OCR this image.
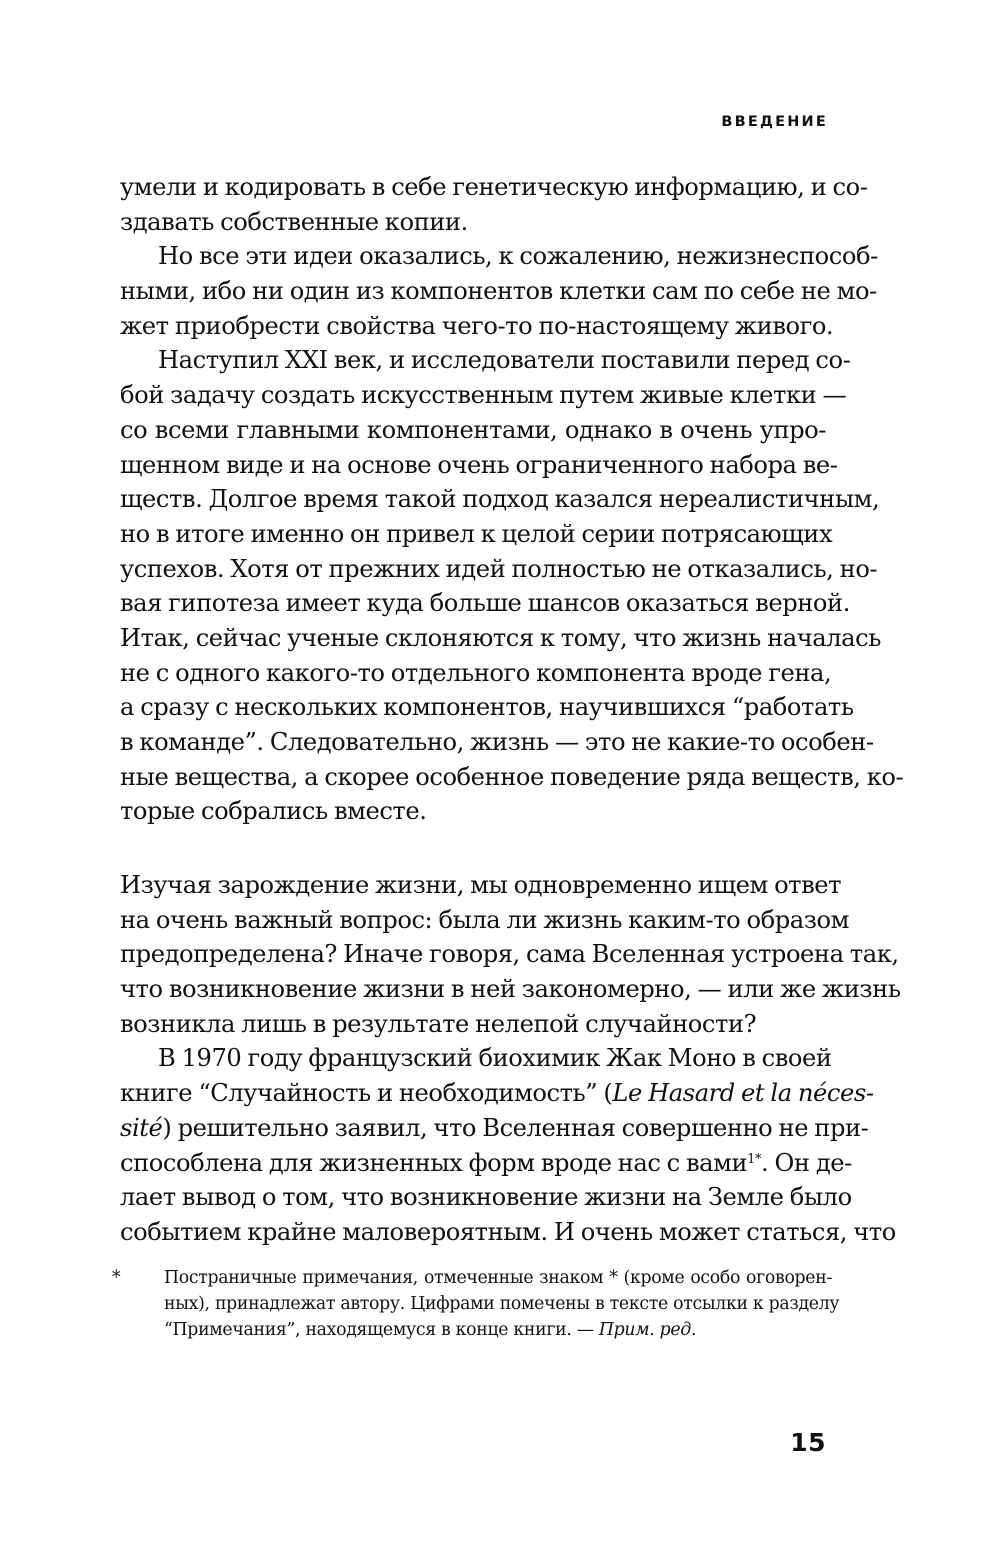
ВВЕДЕНИЕ
умели и кодировать в себе генетическую информацию, и со-
здавать собственные копии.
Но все эти идеи оказались, к сожалению, нежизнеспособ-
ными, ибо ни один из компонентов клетки сам по себе не мо-
жет приобрести свойства чего-то по-настоящему живого.
Наступил XXI век, и исследователи поставили перед со-
бой задачу создать искусственным путем живые клетки —
со всеми главными компонентами, однако в очень упро-
щенном виде и на основе очень ограниченного набора ве-
ществ. Долгое время такой подход казался нереалистичным,
но в итоге именно он привел к целой серии потрясающих
успехов. Хотя от прежних идей полностью не отказались, но-
вая гипотеза имеет куда больше шансов оказаться верной.
Итак, сейчас ученые склоняются к тому, что жизнь началась
не с одного какого-то отдельного компонента вроде гена,
а сразу с нескольких компонентов, научившихся “работать
в команде”. Следовательно, жизнь — это не какие-то особен-
ные вещества, а скорее особенное поведение ряда веществ, ко-
торые собрались вместе.
Изучая зарождение жизни, мы одновременно ищем ответ
на очень важный вопрос: была ли жизнь каким-то образом
предопределена? Иначе говоря, сама Вселенная устроена так,
что возникновение жизни в ней закономерно, — или же жизнь
возникла лишь в результате нелепой случайности?
В 1970 году французский биохимик Жак Моно в своей
книге “Случайность и необходимость” (Le Hasard et la néces-
sité) решительно заявил, что Вселенная совершенно не при-
способлена для жизненных форм вроде нас с вами$^{1*}$. Он де-
лает вывод о том, что возникновение жизни на Земле было
событием крайне маловероятным. И очень может статься, что
*	Постраничные примечания, отмеченные знаком * (кроме особо оговорен-
ных), принадлежат автору. Цифрами помечены в тексте отсылки к разделу
“Примечания”, находящемуся в конце книги. — Прим. ред.
15
